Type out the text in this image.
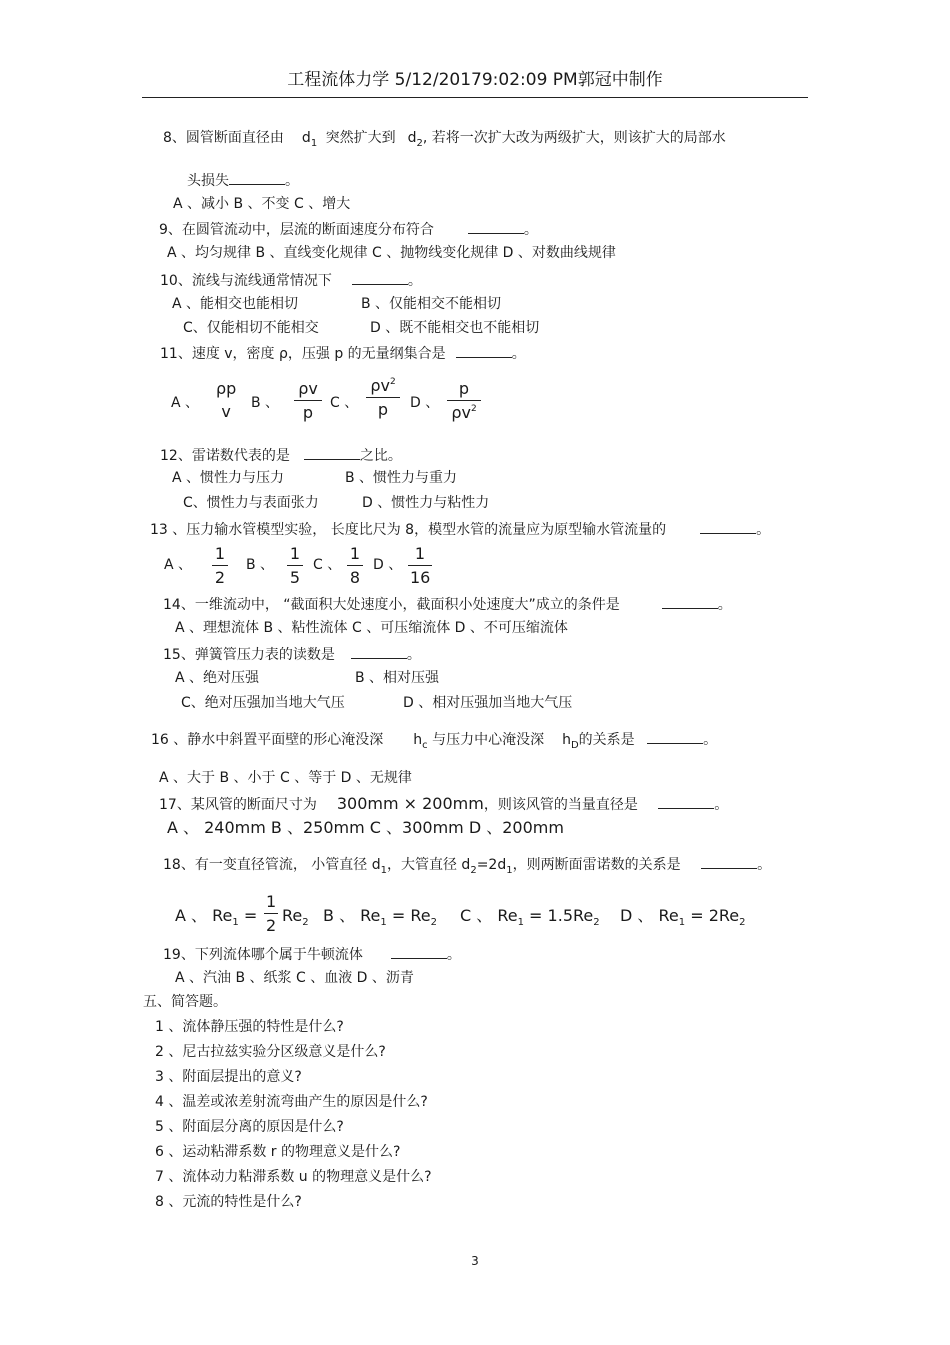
工程流体力学 5/12/20179:02:09 PM郭冠中制作
8、圆管断面直径由 $d_1$ 突然扩大到 $d_2$, 若将一次扩大改为两级扩大，则该扩大的局部水
头损失	。
A 、减小 B 、不变 C 、增大
9、在圆管流动中，层流的断面速度分布符合	。
A 、均匀规律 B 、直线变化规律 C 、抛物线变化规律 D 、对数曲线规律
10、流线与流线通常情况下	。
A 、能相交也能相切	B 、仅能相交不能相切
C、仅能相切不能相交	D 、既不能相交也不能相切
11、速度 v，密度 ρ，压强 p 的无量纲集合是	。
A 、
ρp
v	B 、 $\frac{\rho v}{p}$ C 、 $\frac{\rho v^2}{p}$ D 、 $\frac{p}{\rho v^2}$
12、雷诺数代表的是	之比。
A 、惯性力与压力	B 、惯性力与重力
C、惯性力与表面张力	D 、惯性力与粘性力
13 、压力输水管模型实验， 长度比尺为 8，模型水管的流量应为原型输水管流量的	。
A 、 $\frac{1}{2}$ B 、 $\frac{1}{5}$ C 、 $\frac{1}{8}$ D 、 $\frac{1}{16}$
14、一维流动中， “截面积大处速度小，截面积小处速度大”成立的条件是	。
A 、理想流体 B 、粘性流体 C 、可压缩流体 D 、不可压缩流体
15、弹簧管压力表的读数是	。
A 、绝对压强	B 、相对压强
C、绝对压强加当地大气压	D 、相对压强加当地大气压
16 、静水中斜置平面壁的形心淹没深 $h_c$ 与压力中心淹没深 $h_D$的关系是	。
A 、大于 B 、小于 C 、等于 D 、无规律
17、某风管的断面尺寸为 300mm × 200mm，则该风管的当量直径是	。
A 、 240mm B 、250mm C 、300mm D 、200mm
18、有一变直径管流， 小管直径 $d_1$，大管直径 $d_2=2d_1$，则两断面雷诺数的关系是	。
A 、 $Re_1 = \frac{1}{2} Re_2$ B 、 $Re_1 = Re_2$ C 、 $Re_1 = 1.5Re_2$ D 、 $Re_1 = 2Re_2$
19、下列流体哪个属于牛顿流体	。
A 、汽油 B 、纸浆 C 、血液 D 、沥青
五、简答题。
1 、流体静压强的特性是什么?
2 、尼古拉兹实验分区级意义是什么?
3 、附面层提出的意义?
4 、温差或浓差射流弯曲产生的原因是什么?
5 、附面层分离的原因是什么?
6 、运动粘滞系数 r 的物理意义是什么?
7 、流体动力粘滞系数 u 的物理意义是什么?
8 、元流的特性是什么?
3
